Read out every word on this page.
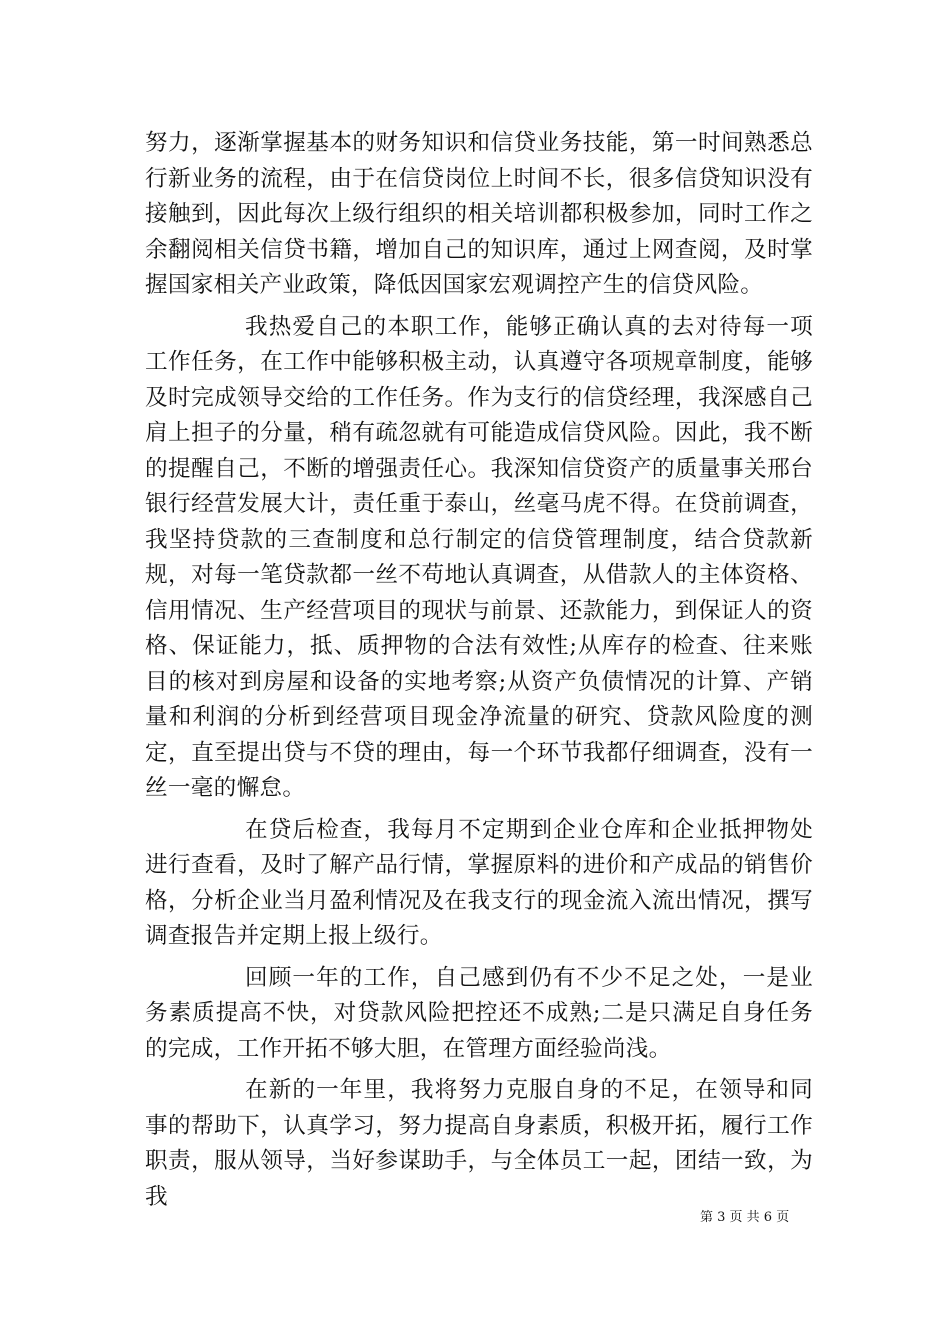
努力，逐渐掌握基本的财务知识和信贷业务技能，第一时间熟悉总行新业务的流程，由于在信贷岗位上时间不长，很多信贷知识没有接触到，因此每次上级行组织的相关培训都积极参加，同时工作之余翻阅相关信贷书籍，增加自己的知识库，通过上网查阅，及时掌握国家相关产业政策，降低因国家宏观调控产生的信贷风险。

我热爱自己的本职工作，能够正确认真的去对待每一项工作任务，在工作中能够积极主动，认真遵守各项规章制度，能够及时完成领导交给的工作任务。作为支行的信贷经理，我深感自己肩上担子的分量，稍有疏忽就有可能造成信贷风险。因此，我不断的提醒自己，不断的增强责任心。我深知信贷资产的质量事关邢台银行经营发展大计，责任重于泰山，丝毫马虎不得。在贷前调查，我坚持贷款的三查制度和总行制定的信贷管理制度，结合贷款新规，对每一笔贷款都一丝不苟地认真调查，从借款人的主体资格、信用情况、生产经营项目的现状与前景、还款能力，到保证人的资格、保证能力，抵、质押物的合法有效性;从库存的检查、往来账目的核对到房屋和设备的实地考察;从资产负债情况的计算、产销量和利润的分析到经营项目现金净流量的研究、贷款风险度的测定，直至提出贷与不贷的理由，每一个环节我都仔细调查，没有一丝一毫的懈怠。

在贷后检查，我每月不定期到企业仓库和企业抵押物处进行查看，及时了解产品行情，掌握原料的进价和产成品的销售价格，分析企业当月盈利情况及在我支行的现金流入流出情况，撰写调查报告并定期上报上级行。

回顾一年的工作，自己感到仍有不少不足之处，一是业务素质提高不快，对贷款风险把控还不成熟;二是只满足自身任务的完成，工作开拓不够大胆，在管理方面经验尚浅。

在新的一年里，我将努力克服自身的不足，在领导和同事的帮助下，认真学习，努力提高自身素质，积极开拓，履行工作职责，服从领导，当好参谋助手，与全体员工一起，团结一致，为我

第 3 页 共 6 页
